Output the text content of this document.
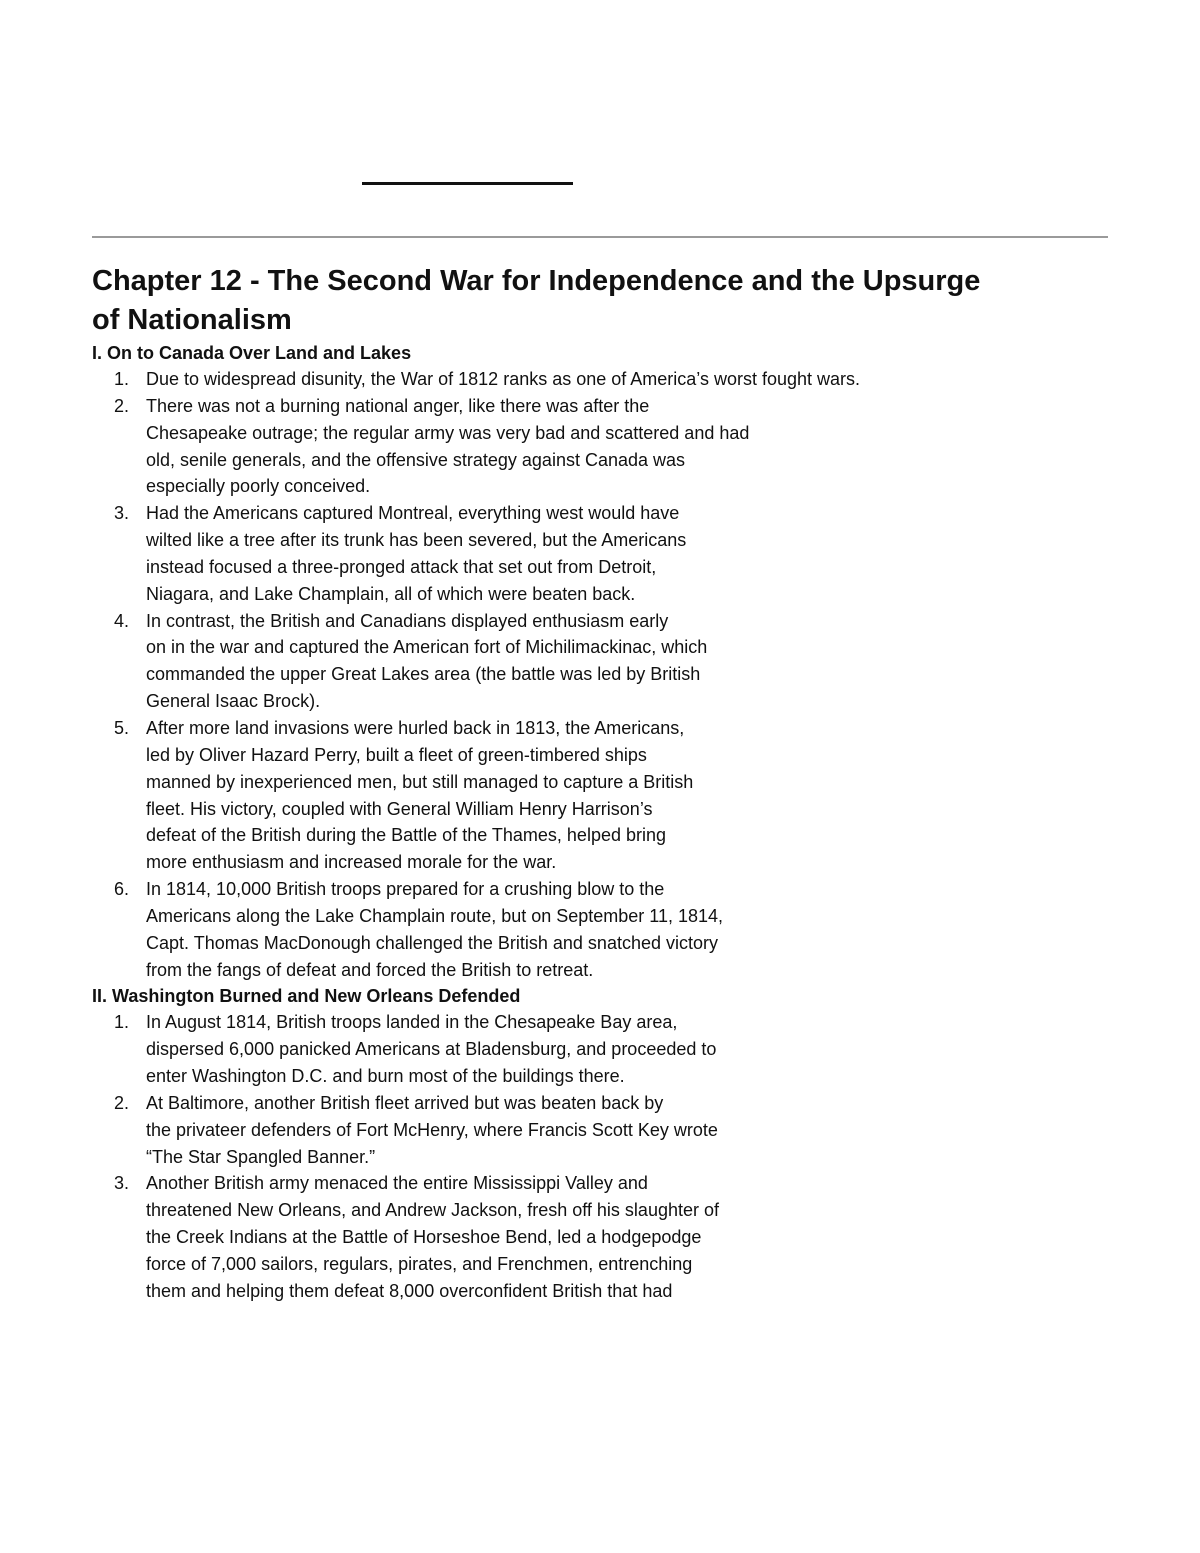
Chapter 12 - The Second War for Independence and the Upsurge
of Nationalism
I. On to Canada Over Land and Lakes
1. Due to widespread disunity, the War of 1812 ranks as one of America’s worst fought wars.
2. There was not a burning national anger, like there was after the
Chesapeake outrage; the regular army was very bad and scattered and had
old, senile generals, and the offensive strategy against Canada was
especially poorly conceived.
3. Had the Americans captured Montreal, everything west would have
wilted like a tree after its trunk has been severed, but the Americans
instead focused a three-pronged attack that set out from Detroit,
Niagara, and Lake Champlain, all of which were beaten back.
4. In contrast, the British and Canadians displayed enthusiasm early
on in the war and captured the American fort of Michilimackinac, which
commanded the upper Great Lakes area (the battle was led by British
General Isaac Brock).
5. After more land invasions were hurled back in 1813, the Americans,
led by Oliver Hazard Perry, built a fleet of green-timbered ships
manned by inexperienced men, but still managed to capture a British
fleet. His victory, coupled with General William Henry Harrison’s
defeat of the British during the Battle of the Thames, helped bring
more enthusiasm and increased morale for the war.
6. In 1814, 10,000 British troops prepared for a crushing blow to the
Americans along the Lake Champlain route, but on September 11, 1814,
Capt. Thomas MacDonough challenged the British and snatched victory
from the fangs of defeat and forced the British to retreat.
II. Washington Burned and New Orleans Defended
1. In August 1814, British troops landed in the Chesapeake Bay area,
dispersed 6,000 panicked Americans at Bladensburg, and proceeded to
enter Washington D.C. and burn most of the buildings there.
2. At Baltimore, another British fleet arrived but was beaten back by
the privateer defenders of Fort McHenry, where Francis Scott Key wrote
“The Star Spangled Banner.”
3. Another British army menaced the entire Mississippi Valley and
threatened New Orleans, and Andrew Jackson, fresh off his slaughter of
the Creek Indians at the Battle of Horseshoe Bend, led a hodgepodge
force of 7,000 sailors, regulars, pirates, and Frenchmen, entrenching
them and helping them defeat 8,000 overconfident British that had
